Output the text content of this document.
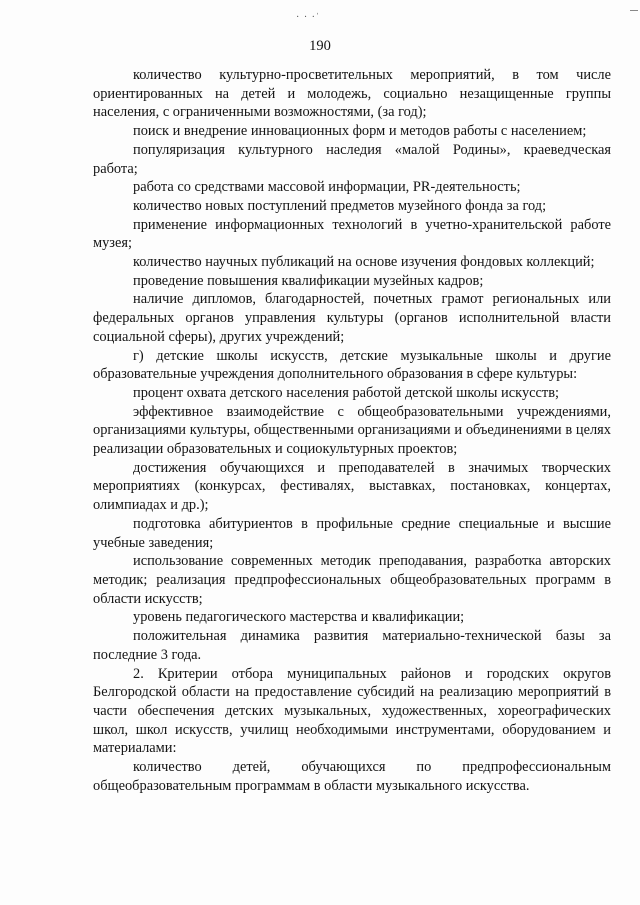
· · ·ˈ
190

количество культурно-просветительных мероприятий, в том числе ориентированных на детей и молодежь, социально незащищенные группы населения, с ограниченными возможностями, (за год);

поиск и внедрение инновационных форм и методов работы с населением;

популяризация культурного наследия «малой Родины», краеведческая работа;

работа со средствами массовой информации, PR-деятельность;

количество новых поступлений предметов музейного фонда за год;

применение информационных технологий в учетно-хранительской работе музея;

количество научных публикаций на основе изучения фондовых коллекций;

проведение повышения квалификации музейных кадров;

наличие дипломов, благодарностей, почетных грамот региональных или федеральных органов управления культуры (органов исполнительной власти социальной сферы), других учреждений;

г) детские школы искусств, детские музыкальные школы и другие образовательные учреждения дополнительного образования в сфере культуры:

процент охвата детского населения работой детской школы искусств;

эффективное взаимодействие с общеобразовательными учреждениями, организациями культуры, общественными организациями и объединениями в целях реализации образовательных и социокультурных проектов;

достижения обучающихся и преподавателей в значимых творческих мероприятиях (конкурсах, фестивалях, выставках, постановках, концертах, олимпиадах и др.);

подготовка абитуриентов в профильные средние специальные и высшие учебные заведения;

использование современных методик преподавания, разработка авторских методик; реализация предпрофессиональных общеобразовательных программ в области искусств;

уровень педагогического мастерства и квалификации;

положительная динамика развития материально-технической базы за последние 3 года.

2. Критерии отбора муниципальных районов и городских округов Белгородской области на предоставление субсидий на реализацию мероприятий в части обеспечения детских музыкальных, художественных, хореографических школ, школ искусств, училищ необходимыми инструментами, оборудованием и материалами:

количество детей, обучающихся по предпрофессиональным общеобразовательным программам в области музыкального искусства.
